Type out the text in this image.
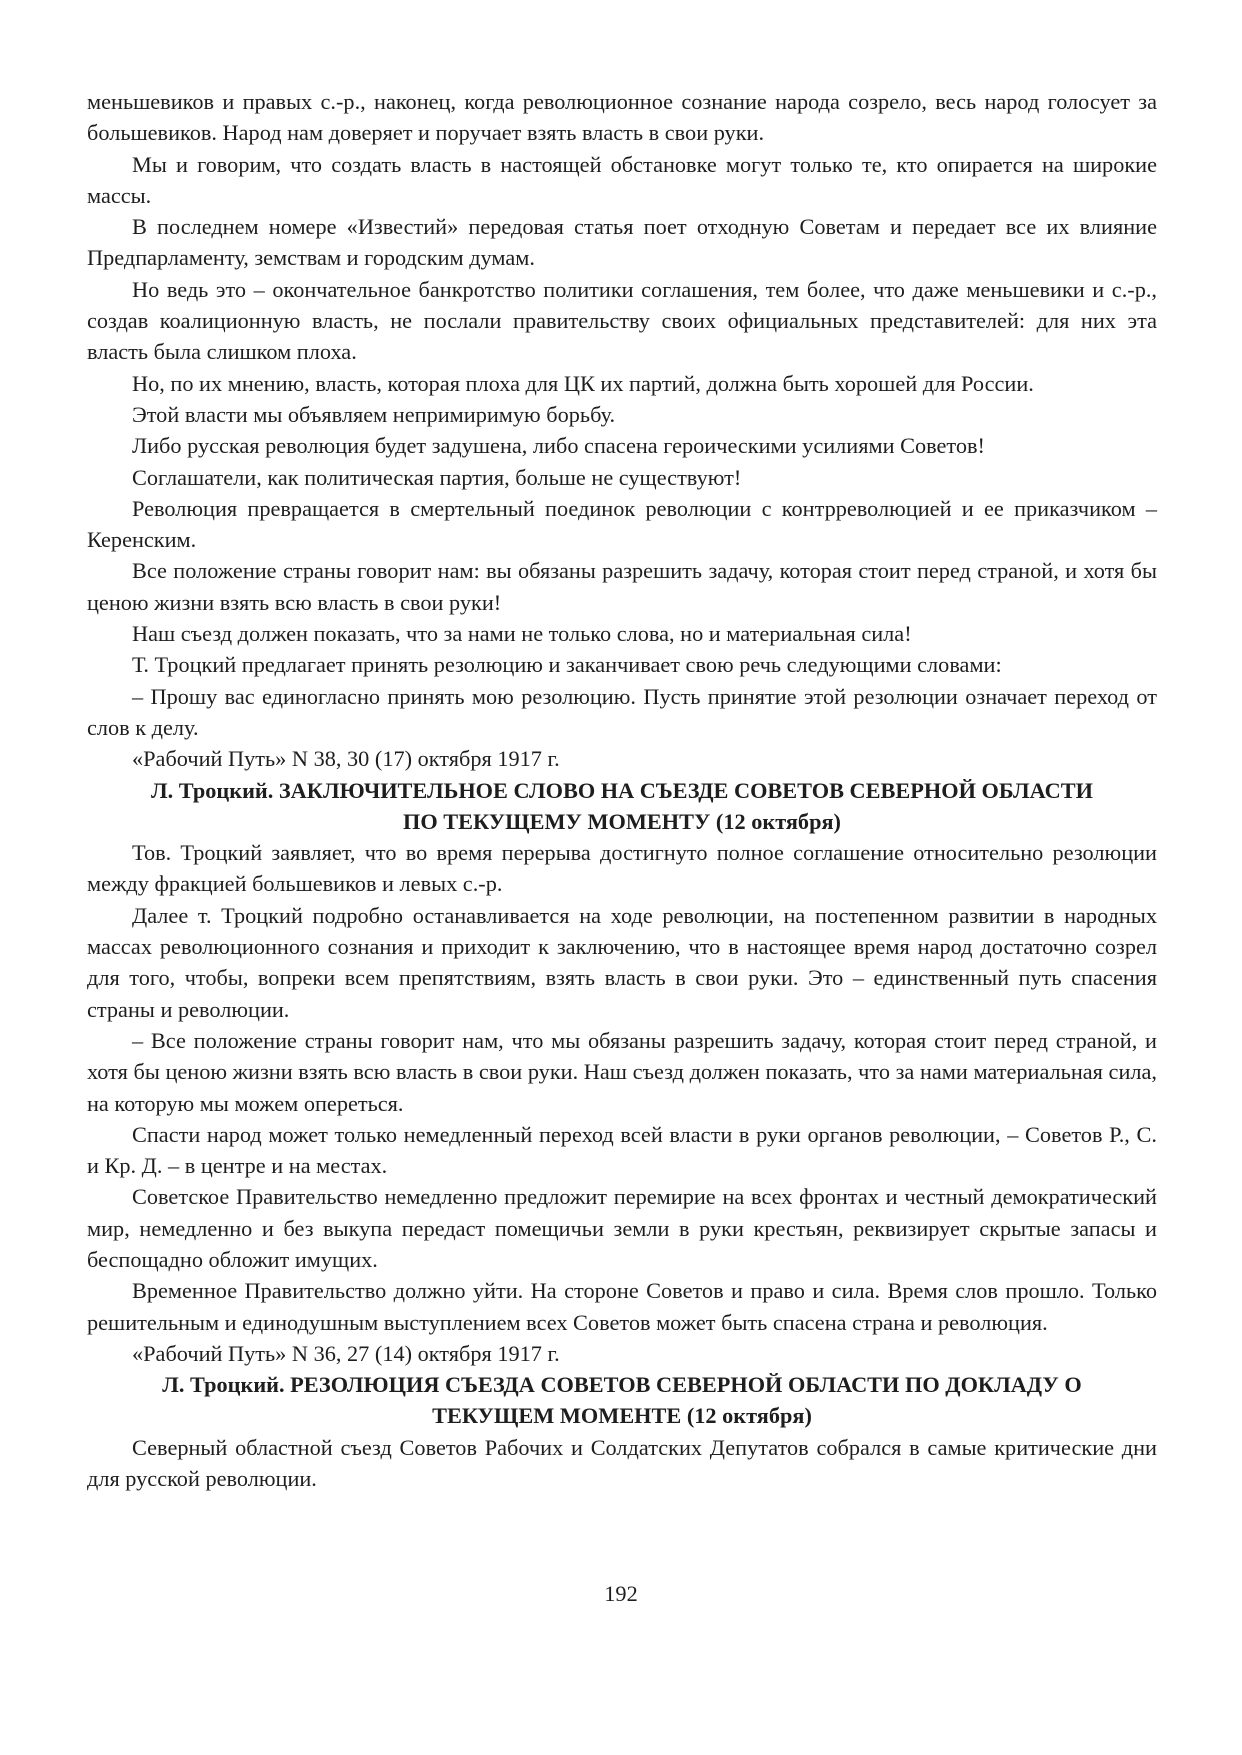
меньшевиков и правых с.-р., наконец, когда революционное сознание народа созрело, весь народ голосует за большевиков. Народ нам доверяет и поручает взять власть в свои руки.

Мы и говорим, что создать власть в настоящей обстановке могут только те, кто опирается на широкие массы.

В последнем номере «Известий» передовая статья поет отходную Советам и передает все их влияние Предпарламенту, земствам и городским думам.

Но ведь это – окончательное банкротство политики соглашения, тем более, что даже меньшевики и с.-р., создав коалиционную власть, не послали правительству своих официальных представителей: для них эта власть была слишком плоха.

Но, по их мнению, власть, которая плоха для ЦК их партий, должна быть хорошей для России.

Этой власти мы объявляем непримиримую борьбу.

Либо русская революция будет задушена, либо спасена героическими усилиями Советов!

Соглашатели, как политическая партия, больше не существуют!

Революция превращается в смертельный поединок революции с контрреволюцией и ее приказчиком – Керенским.

Все положение страны говорит нам: вы обязаны разрешить задачу, которая стоит перед страной, и хотя бы ценою жизни взять всю власть в свои руки!

Наш съезд должен показать, что за нами не только слова, но и материальная сила!

Т. Троцкий предлагает принять резолюцию и заканчивает свою речь следующими словами:

– Прошу вас единогласно принять мою резолюцию. Пусть принятие этой резолюции означает переход от слов к делу.

«Рабочий Путь» N 38, 30 (17) октября 1917 г.

Л. Троцкий. ЗАКЛЮЧИТЕЛЬНОЕ СЛОВО НА СЪЕЗДЕ СОВЕТОВ СЕВЕРНОЙ ОБЛАСТИ ПО ТЕКУЩЕМУ МОМЕНТУ (12 октября)

Тов. Троцкий заявляет, что во время перерыва достигнуто полное соглашение относительно резолюции между фракцией большевиков и левых с.-р.

Далее т. Троцкий подробно останавливается на ходе революции, на постепенном развитии в народных массах революционного сознания и приходит к заключению, что в настоящее время народ достаточно созрел для того, чтобы, вопреки всем препятствиям, взять власть в свои руки. Это – единственный путь спасения страны и революции.

– Все положение страны говорит нам, что мы обязаны разрешить задачу, которая стоит перед страной, и хотя бы ценою жизни взять всю власть в свои руки. Наш съезд должен показать, что за нами материальная сила, на которую мы можем опереться.

Спасти народ может только немедленный переход всей власти в руки органов революции, – Советов Р., С. и Кр. Д. – в центре и на местах.

Советское Правительство немедленно предложит перемирие на всех фронтах и честный демократический мир, немедленно и без выкупа передаст помещичьи земли в руки крестьян, реквизирует скрытые запасы и беспощадно обложит имущих.

Временное Правительство должно уйти. На стороне Советов и право и сила. Время слов прошло. Только решительным и единодушным выступлением всех Советов может быть спасена страна и революция.

«Рабочий Путь» N 36, 27 (14) октября 1917 г.

Л. Троцкий. РЕЗОЛЮЦИЯ СЪЕЗДА СОВЕТОВ СЕВЕРНОЙ ОБЛАСТИ ПО ДОКЛАДУ О ТЕКУЩЕМ МОМЕНТЕ (12 октября)

Северный областной съезд Советов Рабочих и Солдатских Депутатов собрался в самые критические дни для русской революции.

192
